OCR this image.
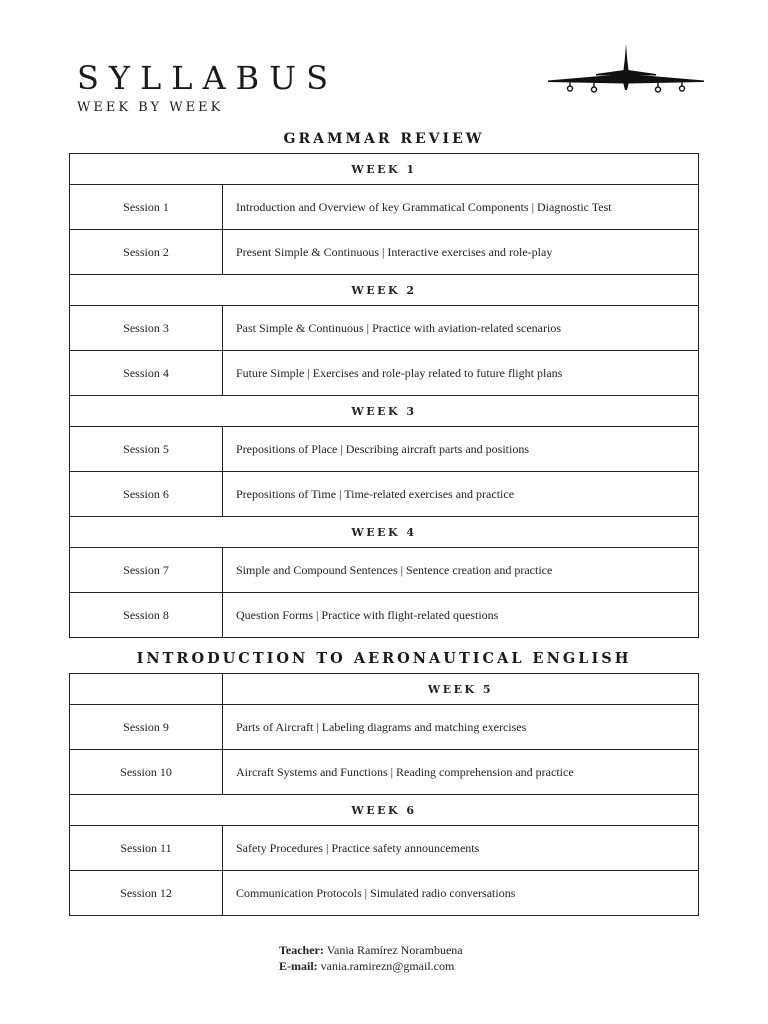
SYLLABUS
WEEK BY WEEK
GRAMMAR REVIEW
WEEK 1	
Session 1	Introduction and Overview of key Grammatical Components | Diagnostic Test
Session 2	Present Simple & Continuous | Interactive exercises and role-play
WEEK 2	
Session 3	Past Simple & Continuous | Practice with aviation-related scenarios
Session 4	Future Simple | Exercises and role-play related to future flight plans
WEEK 3	
Session 5	Prepositions of Place | Describing aircraft parts and positions
Session 6	Prepositions of Time | Time-related exercises and practice
WEEK 4	
Session 7	Simple and Compound Sentences | Sentence creation and practice
Session 8	Question Forms | Practice with flight-related questions
INTRODUCTION TO AERONAUTICAL ENGLISH
	WEEK 5
Session 9	Parts of Aircraft | Labeling diagrams and matching exercises
Session 10	Aircraft Systems and Functions | Reading comprehension and practice
WEEK 6	
Session 11	Safety Procedures | Practice safety announcements
Session 12	Communication Protocols | Simulated radio conversations
Teacher: Vania Ramírez Norambuena
E-mail: vania.ramirezn@gmail.com
